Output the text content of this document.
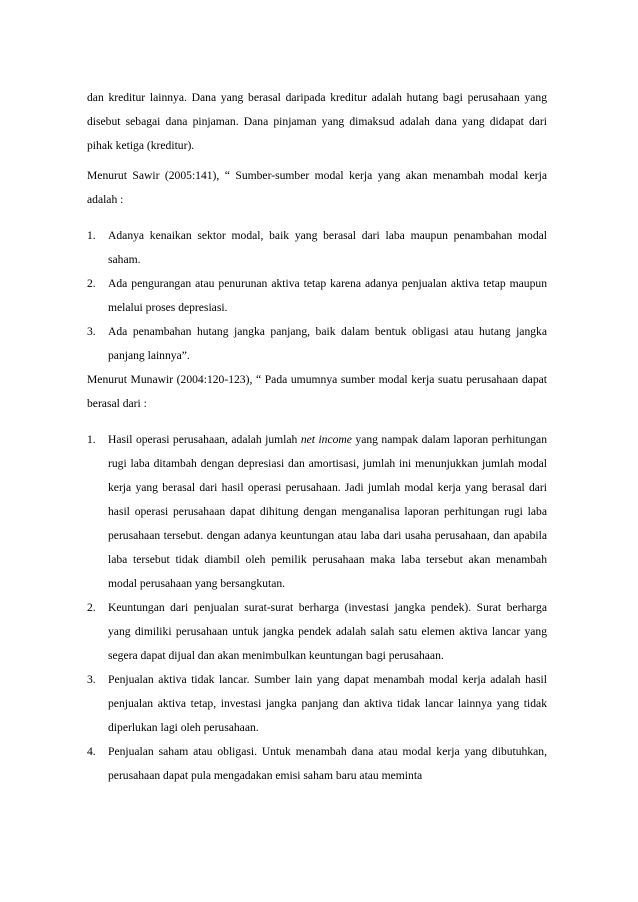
dan kreditur lainnya. Dana yang berasal daripada kreditur adalah hutang bagi perusahaan yang disebut sebagai dana pinjaman. Dana pinjaman yang dimaksud adalah dana yang didapat dari pihak ketiga (kreditur).

Menurut Sawir (2005:141), “ Sumber-sumber modal kerja yang akan menambah modal kerja adalah :

1. Adanya kenaikan sektor modal, baik yang berasal dari laba maupun penambahan modal saham.
2. Ada pengurangan atau penurunan aktiva tetap karena adanya penjualan aktiva tetap maupun melalui proses depresiasi.
3. Ada penambahan hutang jangka panjang, baik dalam bentuk obligasi atau hutang jangka panjang lainnya”.

Menurut Munawir (2004:120-123), “ Pada umumnya sumber modal kerja suatu perusahaan dapat berasal dari :

1. Hasil operasi perusahaan, adalah jumlah net income yang nampak dalam laporan perhitungan rugi laba ditambah dengan depresiasi dan amortisasi, jumlah ini menunjukkan jumlah modal kerja yang berasal dari hasil operasi perusahaan. Jadi jumlah modal kerja yang berasal dari hasil operasi perusahaan dapat dihitung dengan menganalisa laporan perhitungan rugi laba perusahaan tersebut. dengan adanya keuntungan atau laba dari usaha perusahaan, dan apabila laba tersebut tidak diambil oleh pemilik perusahaan maka laba tersebut akan menambah modal perusahaan yang bersangkutan.
2. Keuntungan dari penjualan surat-surat berharga (investasi jangka pendek). Surat berharga yang dimiliki perusahaan untuk jangka pendek adalah salah satu elemen aktiva lancar yang segera dapat dijual dan akan menimbulkan keuntungan bagi perusahaan.
3. Penjualan aktiva tidak lancar. Sumber lain yang dapat menambah modal kerja adalah hasil penjualan aktiva tetap, investasi jangka panjang dan aktiva tidak lancar lainnya yang tidak diperlukan lagi oleh perusahaan.
4. Penjualan saham atau obligasi. Untuk menambah dana atau modal kerja yang dibutuhkan, perusahaan dapat pula mengadakan emisi saham baru atau meminta
